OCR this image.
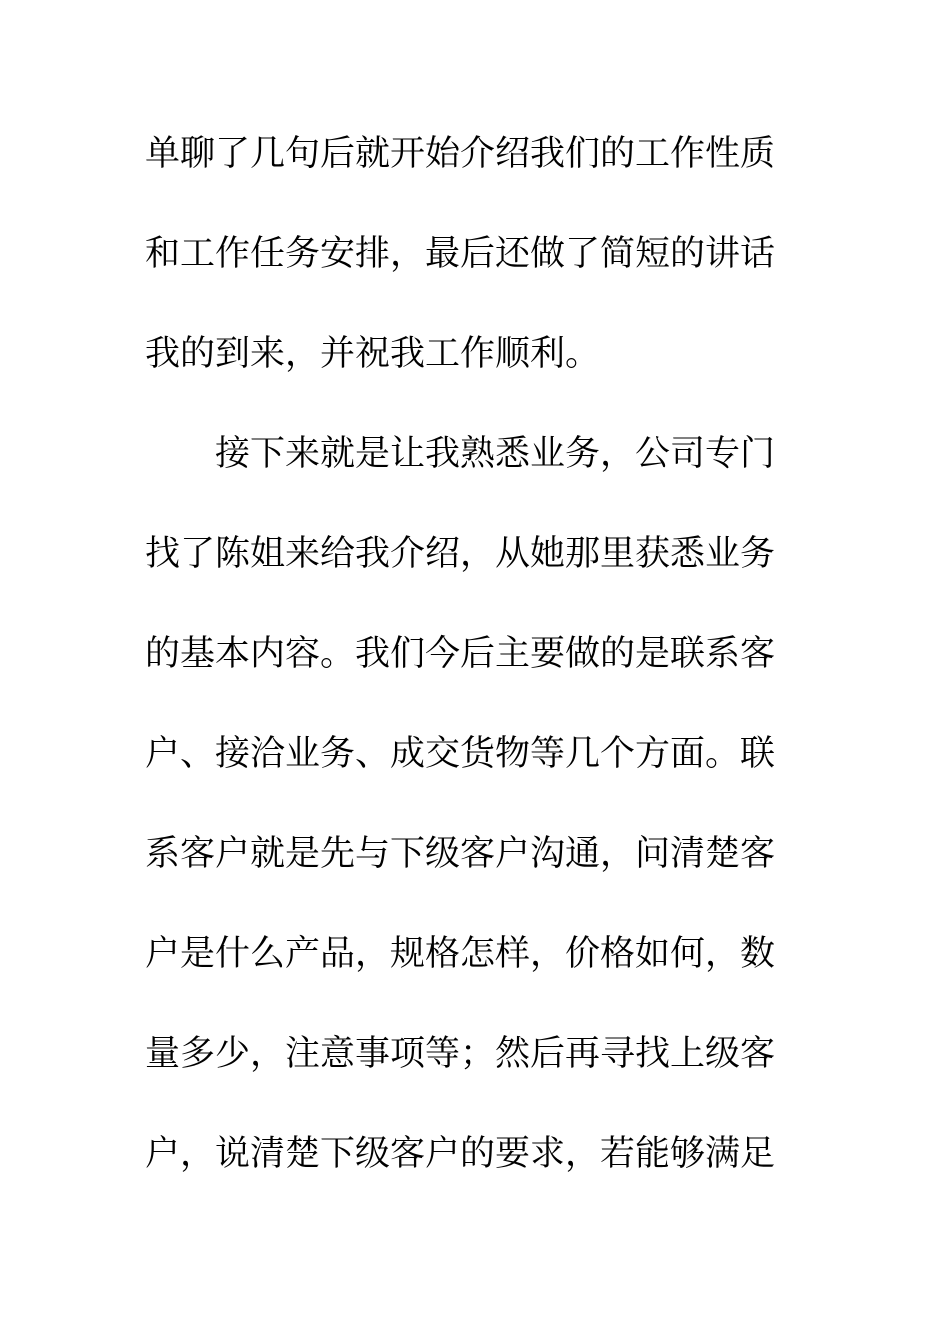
单聊了几句后就开始介绍我们的工作性质
和工作任务安排，最后还做了简短的讲话
我的到来，并祝我工作顺利。
接下来就是让我熟悉业务，公司专门
找了陈姐来给我介绍，从她那里获悉业务
的基本内容。我们今后主要做的是联系客
户、接洽业务、成交货物等几个方面。联
系客户就是先与下级客户沟通，问清楚客
户是什么产品，规格怎样，价格如何，数
量多少，注意事项等；然后再寻找上级客
户，说清楚下级客户的要求，若能够满足
